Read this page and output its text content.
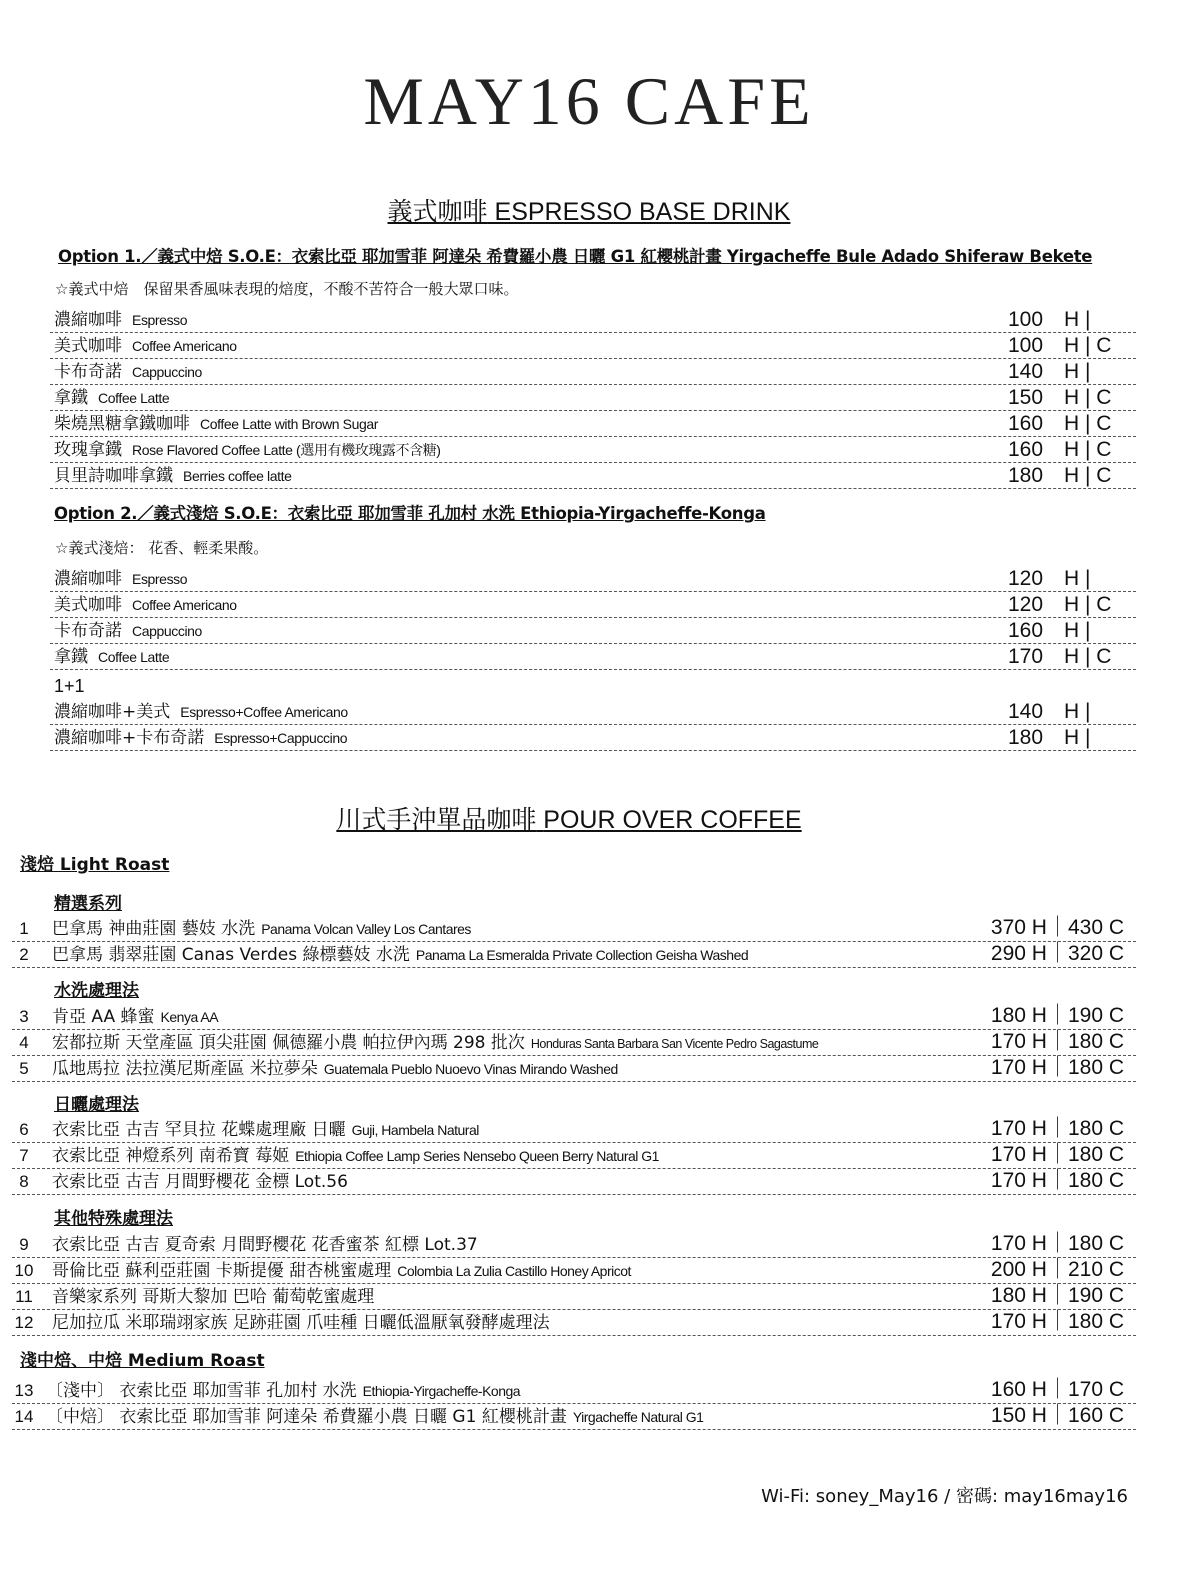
MAY16 CAFE
義式咖啡 ESPRESSO BASE DRINK
Option 1.／義式中焙 S.O.E：衣索比亞 耶加雪菲 阿達朵 希費羅小農 日曬 G1 紅櫻桃計畫 Yirgacheffe Bule Adado Shiferaw Bekete
☆義式中焙　保留果香風味表現的焙度，不酸不苦符合一般大眾口味。
濃縮咖啡 Espresso	100 H |
美式咖啡 Coffee Americano	100 H | C
卡布奇諾 Cappuccino	140 H |
拿鐵 Coffee Latte	150 H | C
柴燒黑糖拿鐵咖啡 Coffee Latte with Brown Sugar	160 H | C
玫瑰拿鐵 Rose Flavored Coffee Latte (選用有機玫瑰露不含糖)	160 H | C
貝里詩咖啡拿鐵 Berries coffee latte	180 H | C
Option 2.／義式淺焙 S.O.E：衣索比亞 耶加雪菲 孔加村 水洗 Ethiopia-Yirgacheffe-Konga
☆義式淺焙： 花香、輕柔果酸。
濃縮咖啡 Espresso	120 H |
美式咖啡 Coffee Americano	120 H | C
卡布奇諾 Cappuccino	160 H |
拿鐵 Coffee Latte	170 H | C
1+1
濃縮咖啡+美式 Espresso+Coffee Americano	140 H |
濃縮咖啡+卡布奇諾 Espresso+Cappuccino	180 H |
川式手沖單品咖啡 POUR OVER COFFEE
淺焙 Light Roast
精選系列
1	巴拿馬 神曲莊園 藝妓 水洗 Panama Volcan Valley Los Cantares	370 H｜430 C
2	巴拿馬 翡翠莊園 Canas Verdes 綠標藝妓 水洗 Panama La Esmeralda Private Collection Geisha Washed	290 H｜320 C
水洗處理法
3	肯亞 AA 蜂蜜 Kenya AA	180 H｜190 C
4	宏都拉斯 天堂產區 頂尖莊園 佩德羅小農 帕拉伊內瑪 298 批次 Honduras Santa Barbara San Vicente Pedro Sagastume	170 H｜180 C
5	瓜地馬拉 法拉漢尼斯產區 米拉夢朵 Guatemala Pueblo Nuoevo Vinas Mirando Washed	170 H｜180 C
日曬處理法
6	衣索比亞 古吉 罕貝拉 花蝶處理廠 日曬 Guji, Hambela Natural	170 H｜180 C
7	衣索比亞 神燈系列 南希寶 莓姬 Ethiopia Coffee Lamp Series Nensebo Queen Berry Natural G1	170 H｜180 C
8	衣索比亞 古吉 月間野櫻花 金標 Lot.56	170 H｜180 C
其他特殊處理法
9	衣索比亞 古吉 夏奇索 月間野櫻花 花香蜜茶 紅標 Lot.37	170 H｜180 C
10 哥倫比亞 蘇利亞莊園 卡斯提優 甜杏桃蜜處理 Colombia La Zulia Castillo Honey Apricot	200 H｜210 C
11 音樂家系列 哥斯大黎加 巴哈 葡萄乾蜜處理	180 H｜190 C
12 尼加拉瓜 米耶瑞翊家族 足跡莊園 爪哇種 日曬低溫厭氧發酵處理法	170 H｜180 C
淺中焙、中焙 Medium Roast
13 〔淺中〕 衣索比亞 耶加雪菲 孔加村 水洗 Ethiopia-Yirgacheffe-Konga	160 H｜170 C
14 〔中焙〕 衣索比亞 耶加雪菲 阿達朵 希費羅小農 日曬 G1 紅櫻桃計畫 Yirgacheffe Natural G1	150 H｜160 C
Wi-Fi: soney_May16 / 密碼: may16may16
